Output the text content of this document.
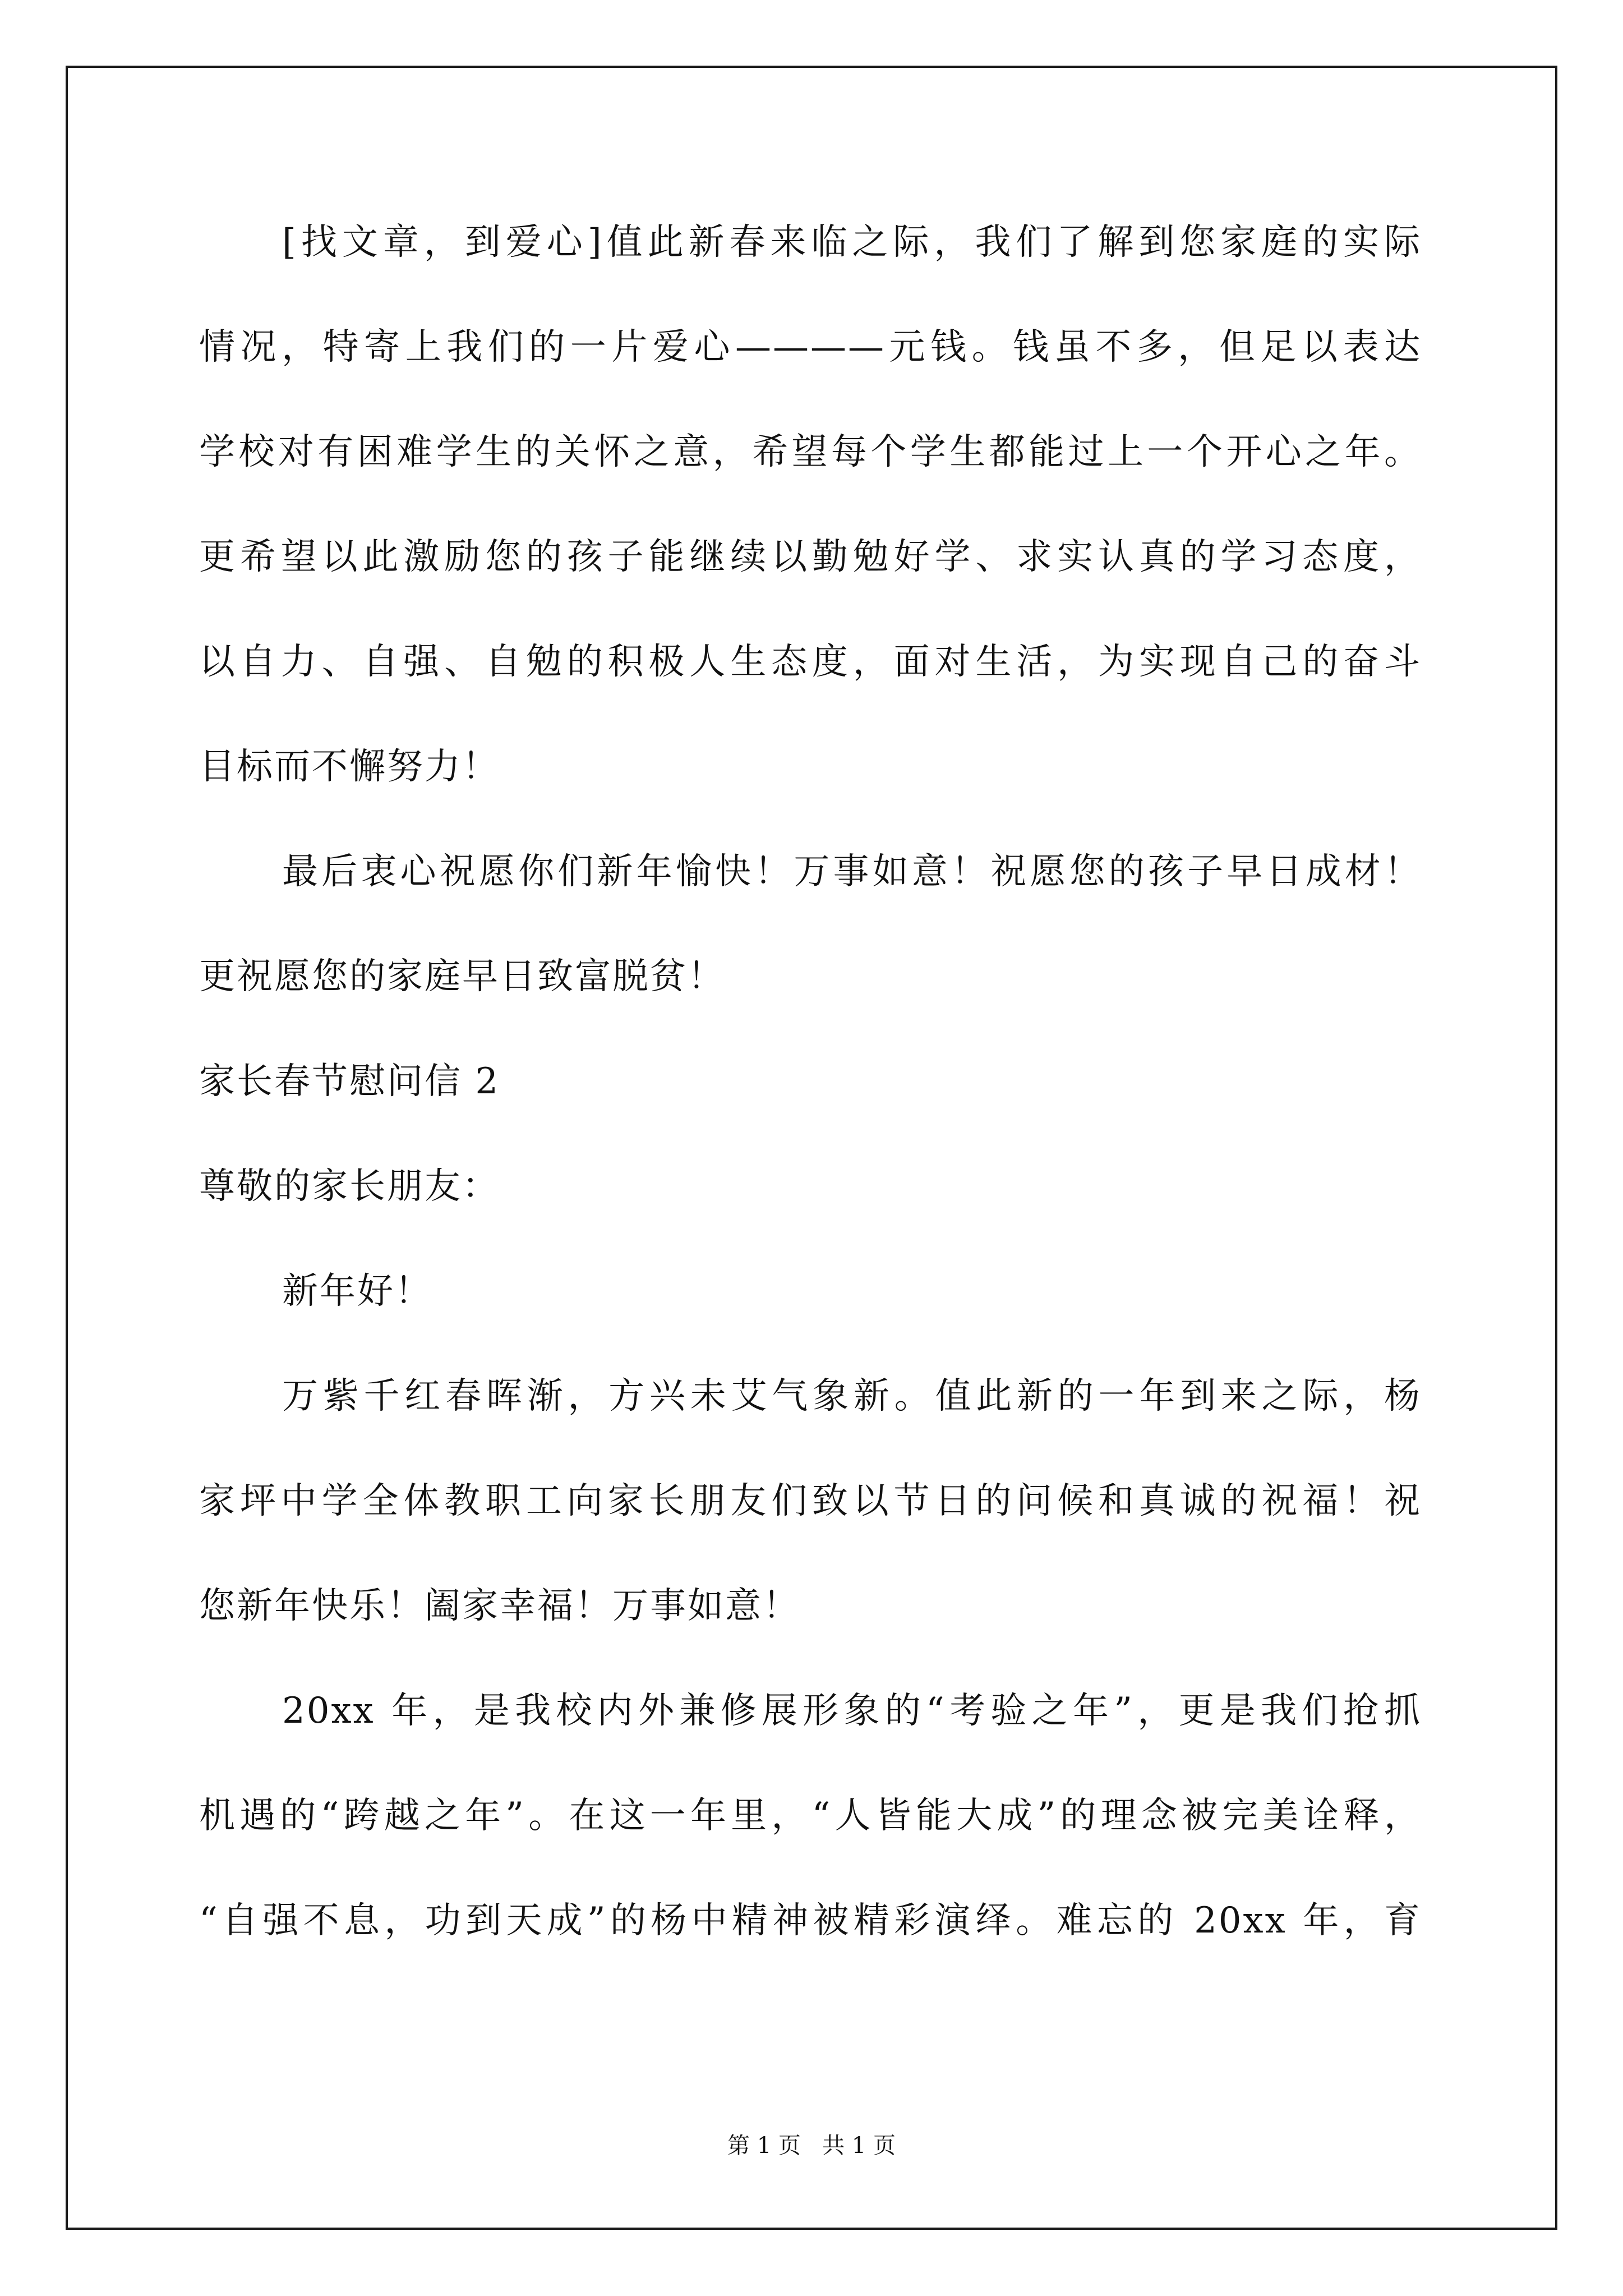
[找文章，到爱心]值此新春来临之际，我们了解到您家庭的实际
情况，特寄上我们的一片爱心————元钱。钱虽不多，但足以表达
学校对有困难学生的关怀之意，希望每个学生都能过上一个开心之年。
更希望以此激励您的孩子能继续以勤勉好学、求实认真的学习态度，
以自力、自强、自勉的积极人生态度，面对生活，为实现自己的奋斗
目标而不懈努力！
最后衷心祝愿你们新年愉快！万事如意！祝愿您的孩子早日成材！
更祝愿您的家庭早日致富脱贫！
家长春节慰问信 2
尊敬的家长朋友：
新年好！
万紫千红春晖渐，方兴未艾气象新。值此新的一年到来之际，杨
家坪中学全体教职工向家长朋友们致以节日的问候和真诚的祝福！祝
您新年快乐！阖家幸福！万事如意！
20xx 年，是我校内外兼修展形象的“考验之年”，更是我们抢抓
机遇的“跨越之年”。在这一年里，“人皆能大成”的理念被完美诠释，
“自强不息，功到天成”的杨中精神被精彩演绎。难忘的 20xx 年，育
第 1 页   共 1 页
